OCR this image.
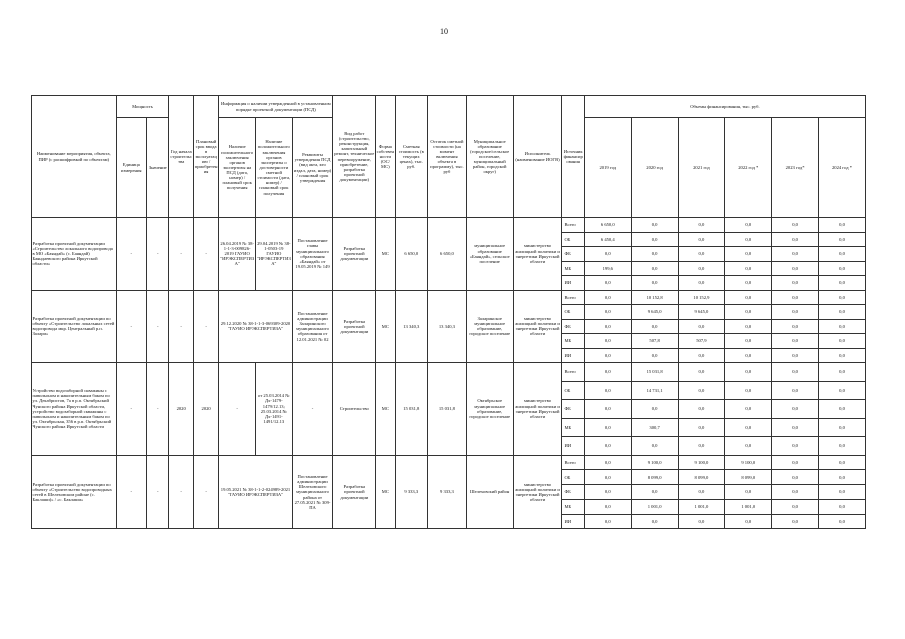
10
Наименование мероприятия, объекта, ПИР (с расшифровкой по объектам)	Мощность		Год начала строительства	Плановый срок ввода в эксплуатацию / приобретения	Информация о наличии утвержденной в установленном порядке проектной документации (ПСД)			Вид работ (строительство, реконструкция, капитальный ремонт, техническое перевооружение, приобретение, разработка проектной документации)	Форма собственности (ОС/МС)	Сметная стоимость (в текущих ценах), тыс. руб.	Остаток сметной стоимости (на момент включения объекта в программу), тыс. руб	Муниципальное образование (городское/сельское поселение, муниципальный район, городской округ)	Исполнитель (наименование ИОГВ)	Источник финансирования	Объемы финансирования, тыс. руб.					
	Единица измерения	Значение			Наличие положительного заключения органов экспертизы на ПСД (дата, номер) / плановый срок получения	Наличие положительного заключения органов экспертизы о достоверности сметной стоимости (дата, номер) / плановый срок получения	Реквизиты утверждения ПСД (вид акта, кто издал, дата, номер) / плановый срок утверждения								2019 год	2020 год	2021 год	2022 год *	2023 год*	2024 год *

Разработка проектной документации «Строительство локального водопровода в МО «Баяндай» (с. Баяндай) Баяндаевского района Иркутской области»	-	-	-	-	26.04.2019 № 38-1-1-3-009826-2019 ГАУИО "ИРЭКСПЕРТИЗА"	29.04.2019 № 38-1-0503-19 ГАУИО "ИРЭКСПЕРТИЗА"	Постановление главы муниципального образования «Баяндай» от 19.05.2019 № 149	Разработка проектной документации	МС	6 650,0	6 650,0	муниципальное образование «Баяндай», сельское поселение	министерство жилищной политики и энергетики Иркутской области	Всего	6 650,0	0,0	0,0	0,0	0,0	0,0
														ОБ	6 450,4	0,0	0,0	0,0	0,0	0,0
														ФБ	0,0	0,0	0,0	0,0	0,0	0,0
														МБ	199,6	0,0	0,0	0,0	0,0	0,0
														ИИ	0,0	0,0	0,0	0,0	0,0	0,0
Разработка проектной документации по объекту «Строительство локальных сетей водопровода мкр. Центральный р.п. Залари»	-	-	-	-	29.12.2020 № 38-1-1-3-069309-2020 "ГАУИО ИРЭКСПЕРТИЗА"		Постановление администрации Заларинского муниципального образования от 12.01.2021 № 02	Разработка проектной документации	МС	13 340,3	13 340,3	Заларинское муниципальное образование, городское поселение	министерство жилищной политики и энергетики Иркутской области	Всего	0,0	10 152,8	10 152,9	0,0	0,0	0,0
														ОБ	0,0	9 645,0	9 645,0	0,0	0,0	0,0
														ФБ	0,0	0,0	0,0	0,0	0,0	0,0
														МБ	0,0	507,8	507,9	0,0	0,0	0,0
														ИИ	0,0	0,0	0,0	0,0	0,0	0,0
Устройство водозаборной скважины с павильоном и накопительным баком по ул. Декабристов, 7а в р.п. Октябрьский Чунского района Иркутской области, устройство водозаборной скважины с павильоном и накопительным баком по ул. Октябрьская, 356 в р.п. Октябрьский Чунского района Иркутской области	-	-	2020	2020	-	от 25.03.2014 № Дх-1479-1479/12.13; 25.03.2014 № Дх-1491-1491/12.13	-	Строительство	МС	15 031,8	15 031,8	Октябрьское муниципальное образование, городское поселение	министерство жилищной политики и энергетики Иркутской области	Всего	0,0	15 031,8	0,0	0,0	0,0	0,0
														ОБ	0,0	14 731,1	0,0	0,0	0,0	0,0
														ФБ	0,0	0,0	0,0	0,0	0,0	0,0
														МБ	0,0	300,7	0,0	0,0	0,0	0,0
														ИИ	0,0	0,0	0,0	0,0	0,0	0,0
Разработка проектной документации по объекту «Строительство водопроводных сетей в Шелеховском районе (с. Баклаши)» / «с. Баклаши»	-	-	-	-	19.05.2021 № 38-1-1-2-024989-2021 "ГАУИО ИРЭКСПЕРТИЗА"		Постановление администрации Шелеховского муниципального района от 27.05.2021 № 309-ПА	Разработка проектной документации	МС	9 333,3	9 333,3	Шелеховский район	министерство жилищной политики и энергетики Иркутской области	Всего	0,0	9 100,0	9 100,0	9 100,0	0,0	0,0
														ОБ	0,0	8 099,0	8 099,0	8 099,0	0,0	0,0
														ФБ	0,0	0,0	0,0	0,0	0,0	0,0
														МБ	0,0	1 001,0	1 001,0	1 001,0	0,0	0,0
														ИИ	0,0	0,0	0,0	0,0	0,0	0,0
